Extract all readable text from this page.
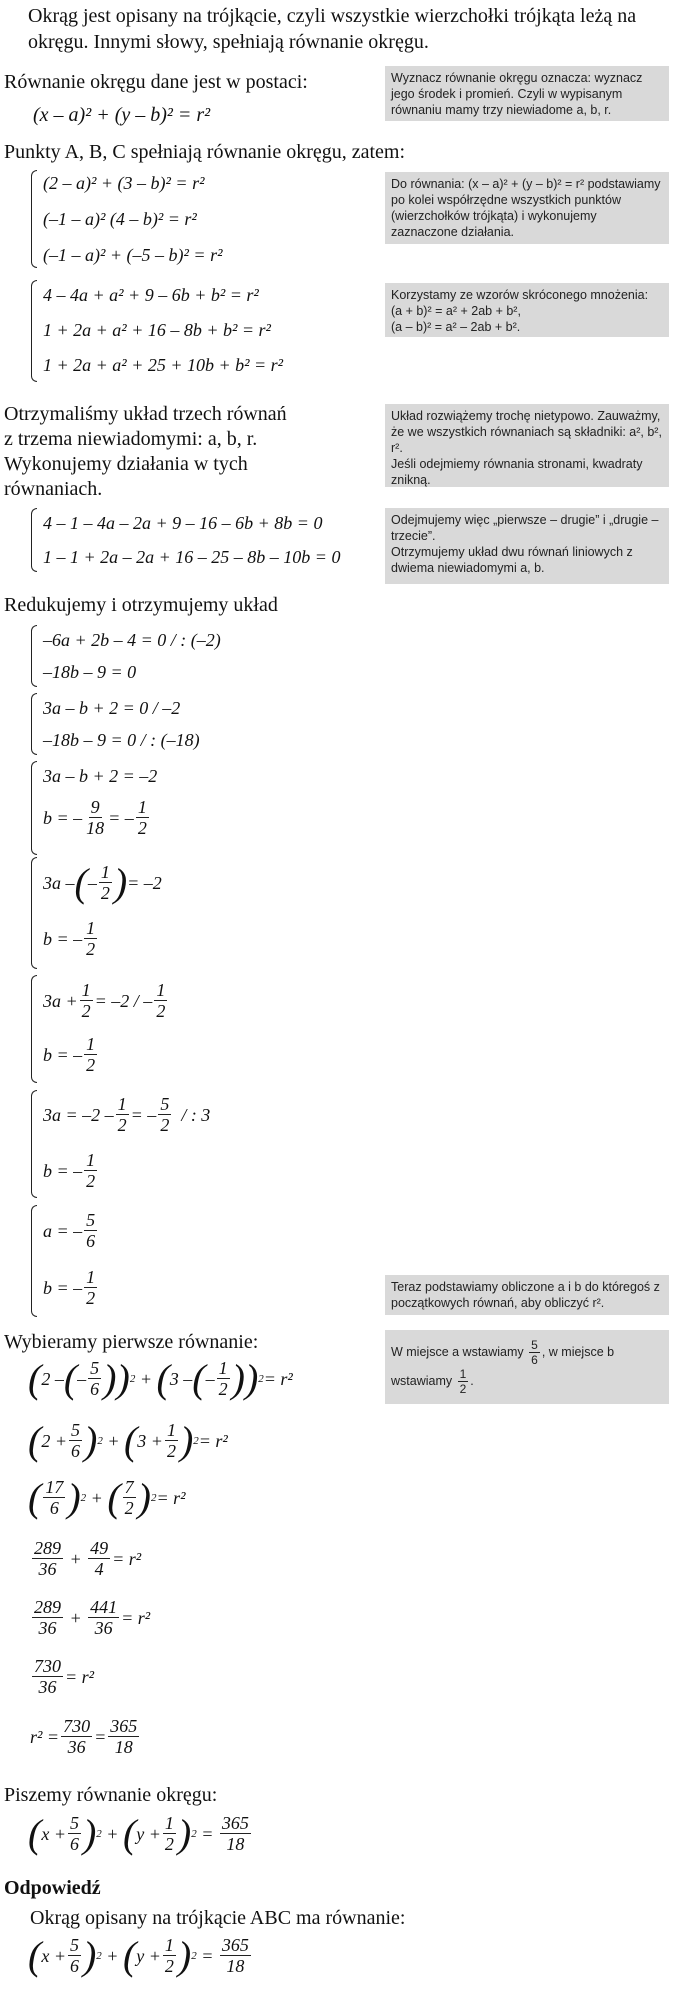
Okrąg jest opisany na trójkącie, czyli wszystkie wierzchołki trójkąta leżą na
okręgu. Innymi słowy, spełniają równanie okręgu.
Równanie okręgu dane jest w postaci:
(x – a)² + (y – b)² = r²
Punkty A, B, C spełniają równanie okręgu, zatem:
(2 – a)² + (3 – b)² = r²
(–1 – a)² (4 – b)² = r²
(–1 – a)² + (–5 – b)² = r²
4 – 4a + a² + 9 – 6b + b² = r²
1 + 2a + a² + 16 – 8b + b² = r²
1 + 2a + a² + 25 + 10b + b² = r²
Otrzymaliśmy układ trzech równań
z trzema niewiadomymi: a, b, r.
Wykonujemy działania w tych
równaniach.
4 – 1 – 4a – 2a + 9 – 16 – 6b + 8b = 0
1 – 1 + 2a – 2a + 16 – 25 – 8b – 10b = 0
Redukujemy i otrzymujemy układ
–6a + 2b – 4 = 0 / : (–2)
–18b – 9 = 0
3a – b + 2 = 0 / –2
–18b – 9 = 0 / : (–18)
3a – b + 2 = –2
b = – $\frac{9}{18}$ = – $\frac{1}{2}$
3a – ( – $\frac{1}{2}$ ) = –2
b = – $\frac{1}{2}$
$3a + \frac{1}{2} = -2$ / – $\frac{1}{2}$
b = – $\frac{1}{2}$
$3a = -2 - \frac{1}{2}$ = – $\frac{5}{2}$ / : 3
b = – $\frac{1}{2}$
a = – $\frac{5}{6}$
b = – $\frac{1}{2}$
Wybieramy pierwsze równanie:
( 2 – ( – $\frac{5}{6}$ ) ) 2 + ( 3 – ( – $\frac{1}{2}$ ) ) 2 = r²
( $2 + \frac{5}{6}$ ) 2 + ( $3 + \frac{1}{2}$ ) 2 = r²
( $\frac{17}{6}$ ) 2 + ( $\frac{7}{2}$ ) 2 = r²
$\frac{289}{36} + \frac{49}{4} = r^2$
$\frac{289}{36} + \frac{441}{36} = r^2$
$\frac{730}{36} = r^2$
$r^2 = \frac{730}{36} = \frac{365}{18}$
Piszemy równanie okręgu:
( $x + \frac{5}{6}$ ) 2 + ( $y + \frac{1}{2}$ ) $2 = \frac{365}{18}$
Odpowiedź
Okrąg opisany na trójkącie ABC ma równanie:
( $x + \frac{5}{6}$ ) 2 + ( $y + \frac{1}{2}$ ) $2 = \frac{365}{18}$

Wyznacz równanie okręgu oznacza: wyznacz jego środek i promień. Czyli w wypisanym równaniu mamy trzy niewiadome a, b, r.

Do równania: (x – a)² + (y – b)² = r² podstawiamy po kolei współrzędne wszystkich punktów (wierzchołków trójkąta) i wykonujemy zaznaczone działania.

Korzystamy ze wzorów skróconego mnożenia:

(a + b)² = a² + 2ab + b²,

(a – b)² = a² – 2ab + b².

Układ rozwiążemy trochę nietypowo. Zauważmy, że we wszystkich równaniach są składniki: a², b², r².

Jeśli odejmiemy równania stronami, kwadraty znikną.

Odejmujemy więc „pierwsze – drugie” i „drugie – trzecie”.

Otrzymujemy układ dwu równań liniowych z dwiema niewiadomymi a, b.

Teraz podstawiamy obliczone a i b do któregoś z początkowych równań, aby obliczyć r².

W miejsce a wstawiamy $\frac{5}{6}$ , w miejsce b wstawiamy $\frac{1}{2}$ .
